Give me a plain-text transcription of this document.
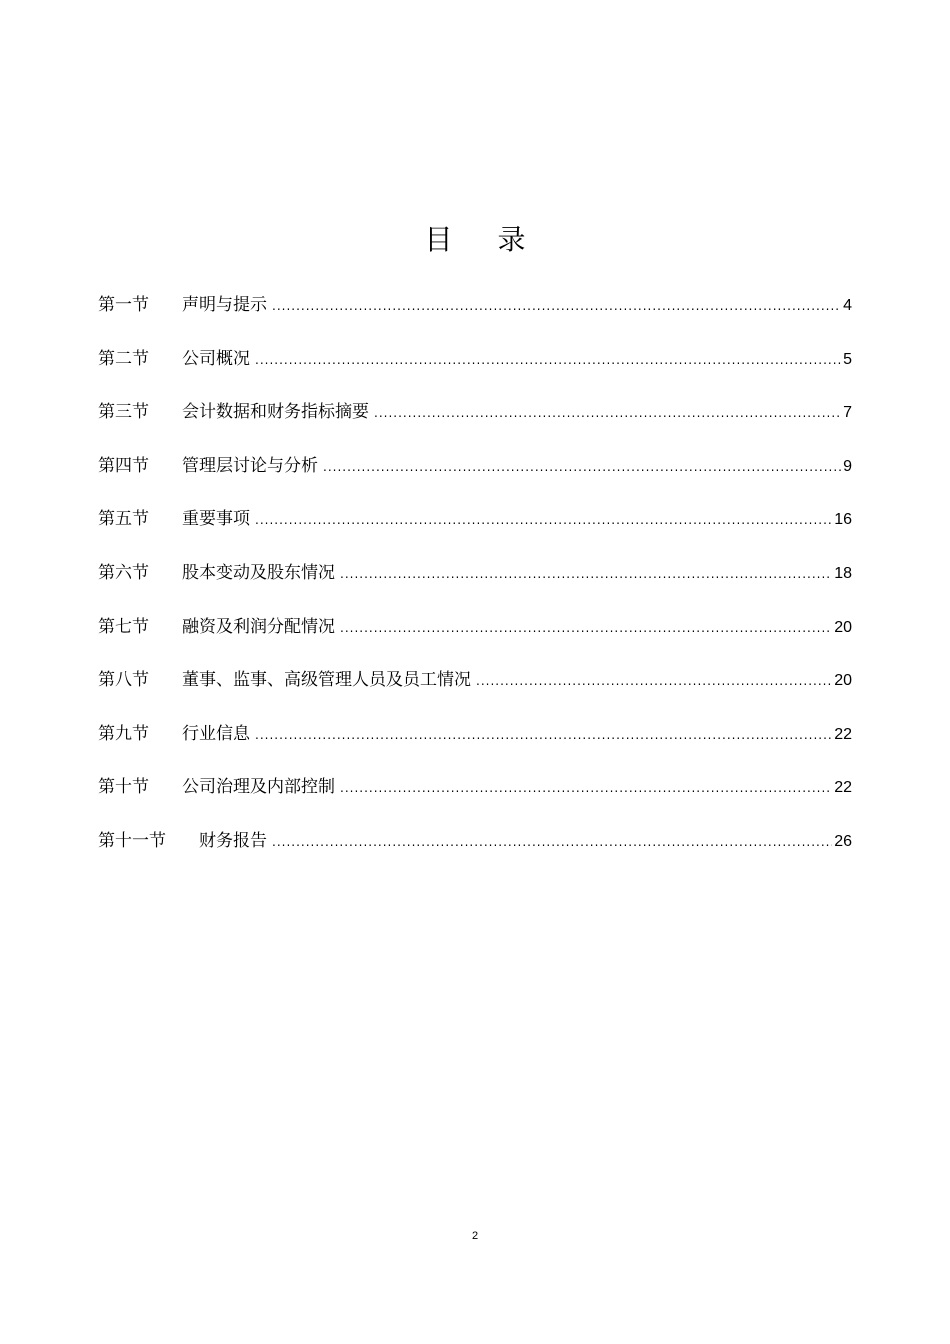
目 录
第一节	声明与提示 .....	4
第二节	公司概况 .....	5
第三节	会计数据和财务指标摘要 .....	7
第四节	管理层讨论与分析 .....	9
第五节	重要事项 .....	16
第六节	股本变动及股东情况 .....	18
第七节	融资及利润分配情况 .....	20
第八节	董事、监事、高级管理人员及员工情况 .....	20
第九节	行业信息 .....	22
第十节	公司治理及内部控制 .....	22
第十一节	财务报告 .....	26
2
